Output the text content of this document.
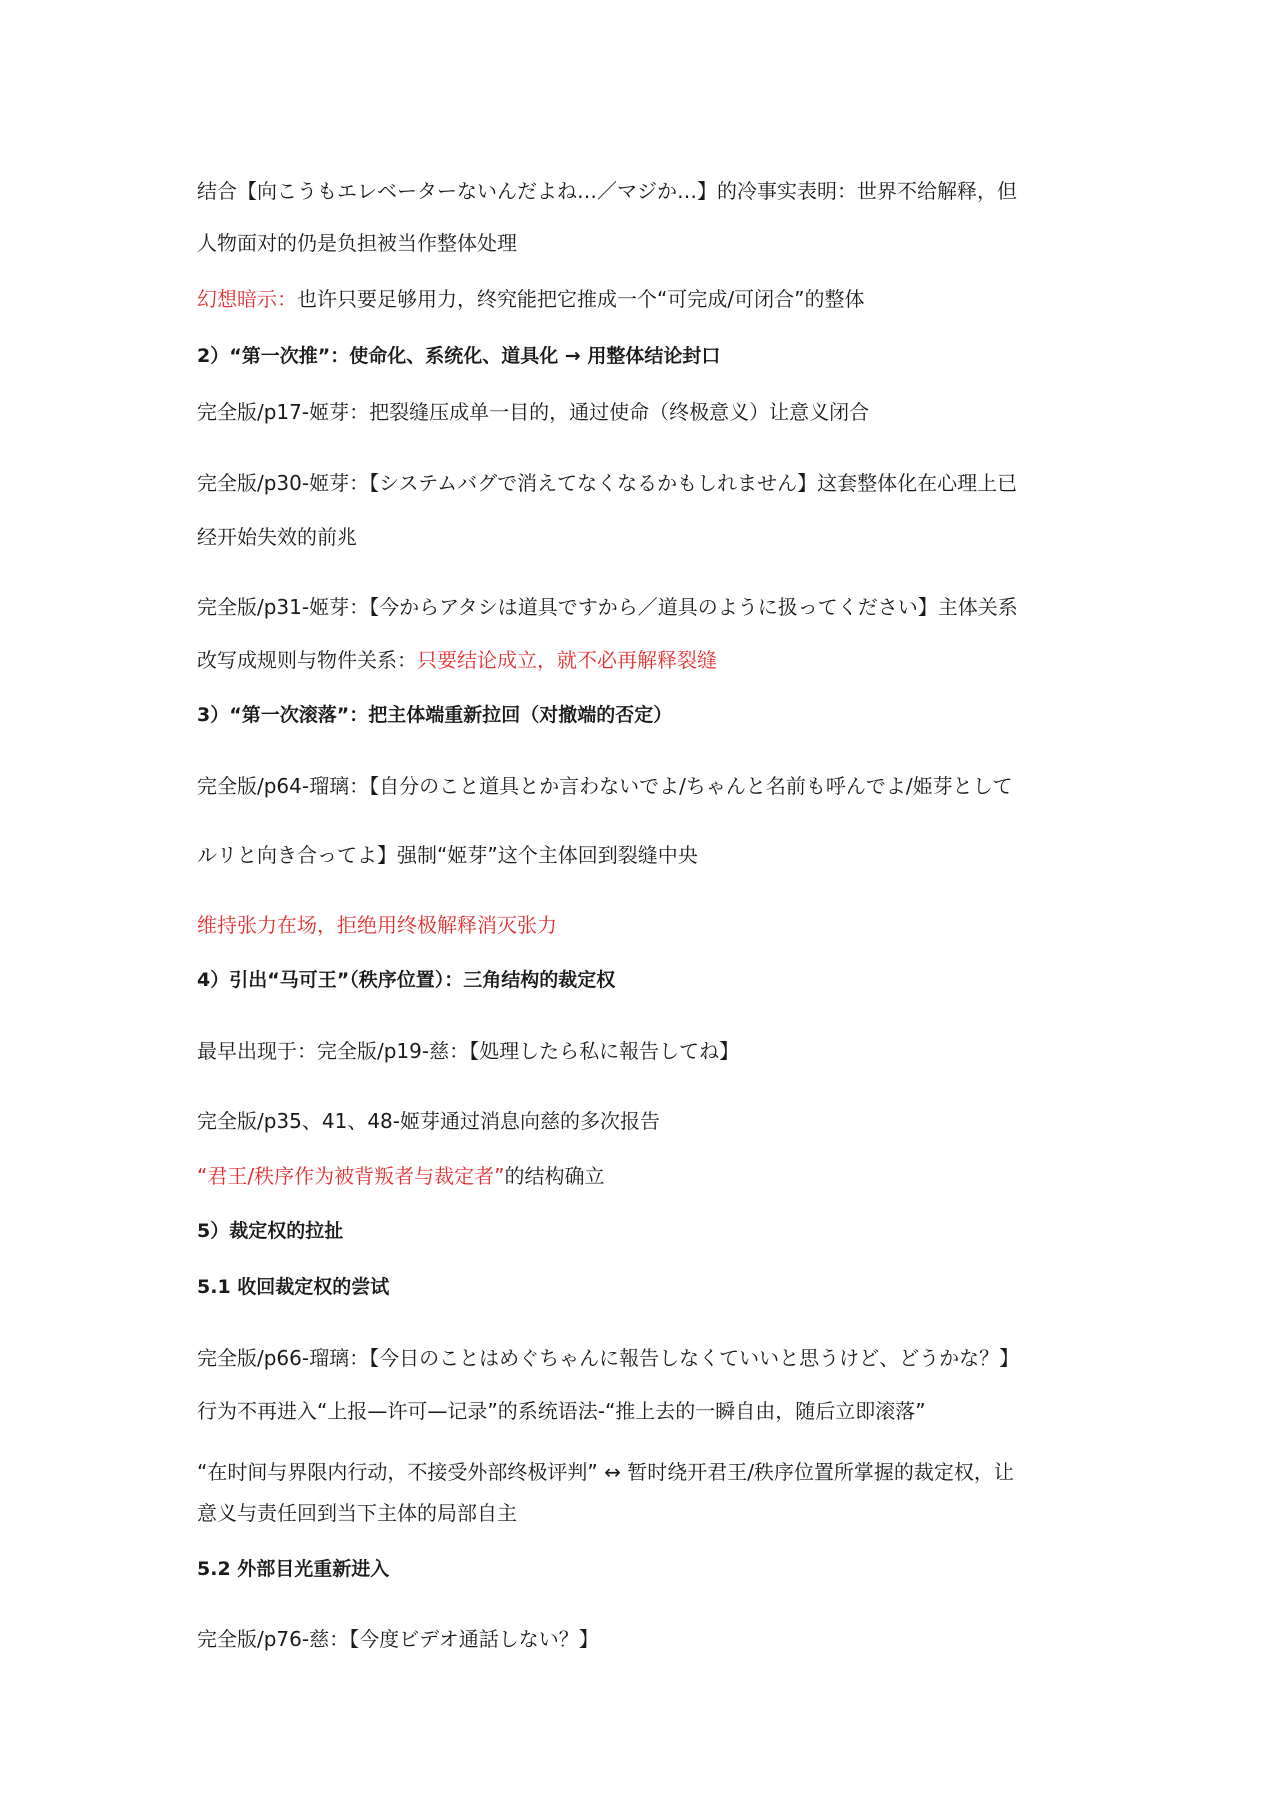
结合【向こうもエレベーターないんだよね…／マジか…】的冷事实表明：世界不给解释，但
人物面对的仍是负担被当作整体处理
幻想暗示：也许只要足够用力，终究能把它推成一个“可完成/可闭合”的整体
2）“第一次推”：使命化、系统化、道具化 → 用整体结论封口
完全版/p17-姬芽：把裂缝压成单一目的，通过使命（终极意义）让意义闭合
完全版/p30-姬芽：【システムバグで消えてなくなるかもしれません】这套整体化在心理上已
经开始失效的前兆
完全版/p31-姬芽：【今からアタシは道具ですから／道具のように扱ってください】主体关系
改写成规则与物件关系：只要结论成立，就不必再解释裂缝
3）“第一次滚落”：把主体端重新拉回（对撤端的否定）
完全版/p64-瑠璃：【自分のこと道具とか言わないでよ/ちゃんと名前も呼んでよ/姫芽として
ルリと向き合ってよ】强制“姬芽”这个主体回到裂缝中央
维持张力在场，拒绝用终极解释消灭张力
4）引出“马可王”（秩序位置）：三角结构的裁定权
最早出现于：完全版/p19-慈：【処理したら私に報告してね】
完全版/p35、41、48-姬芽通过消息向慈的多次报告
“君王/秩序作为被背叛者与裁定者”的结构确立
5）裁定权的拉扯
5.1 收回裁定权的尝试
完全版/p66-瑠璃：【今日のことはめぐちゃんに報告しなくていいと思うけど、どうかな？】
行为不再进入“上报—许可—记录”的系统语法-“推上去的一瞬自由，随后立即滚落”
“在时间与界限内行动，不接受外部终极评判” ↔ 暂时绕开君王/秩序位置所掌握的裁定权，让
意义与责任回到当下主体的局部自主
5.2 外部目光重新进入
完全版/p76-慈：【今度ビデオ通話しない？】
